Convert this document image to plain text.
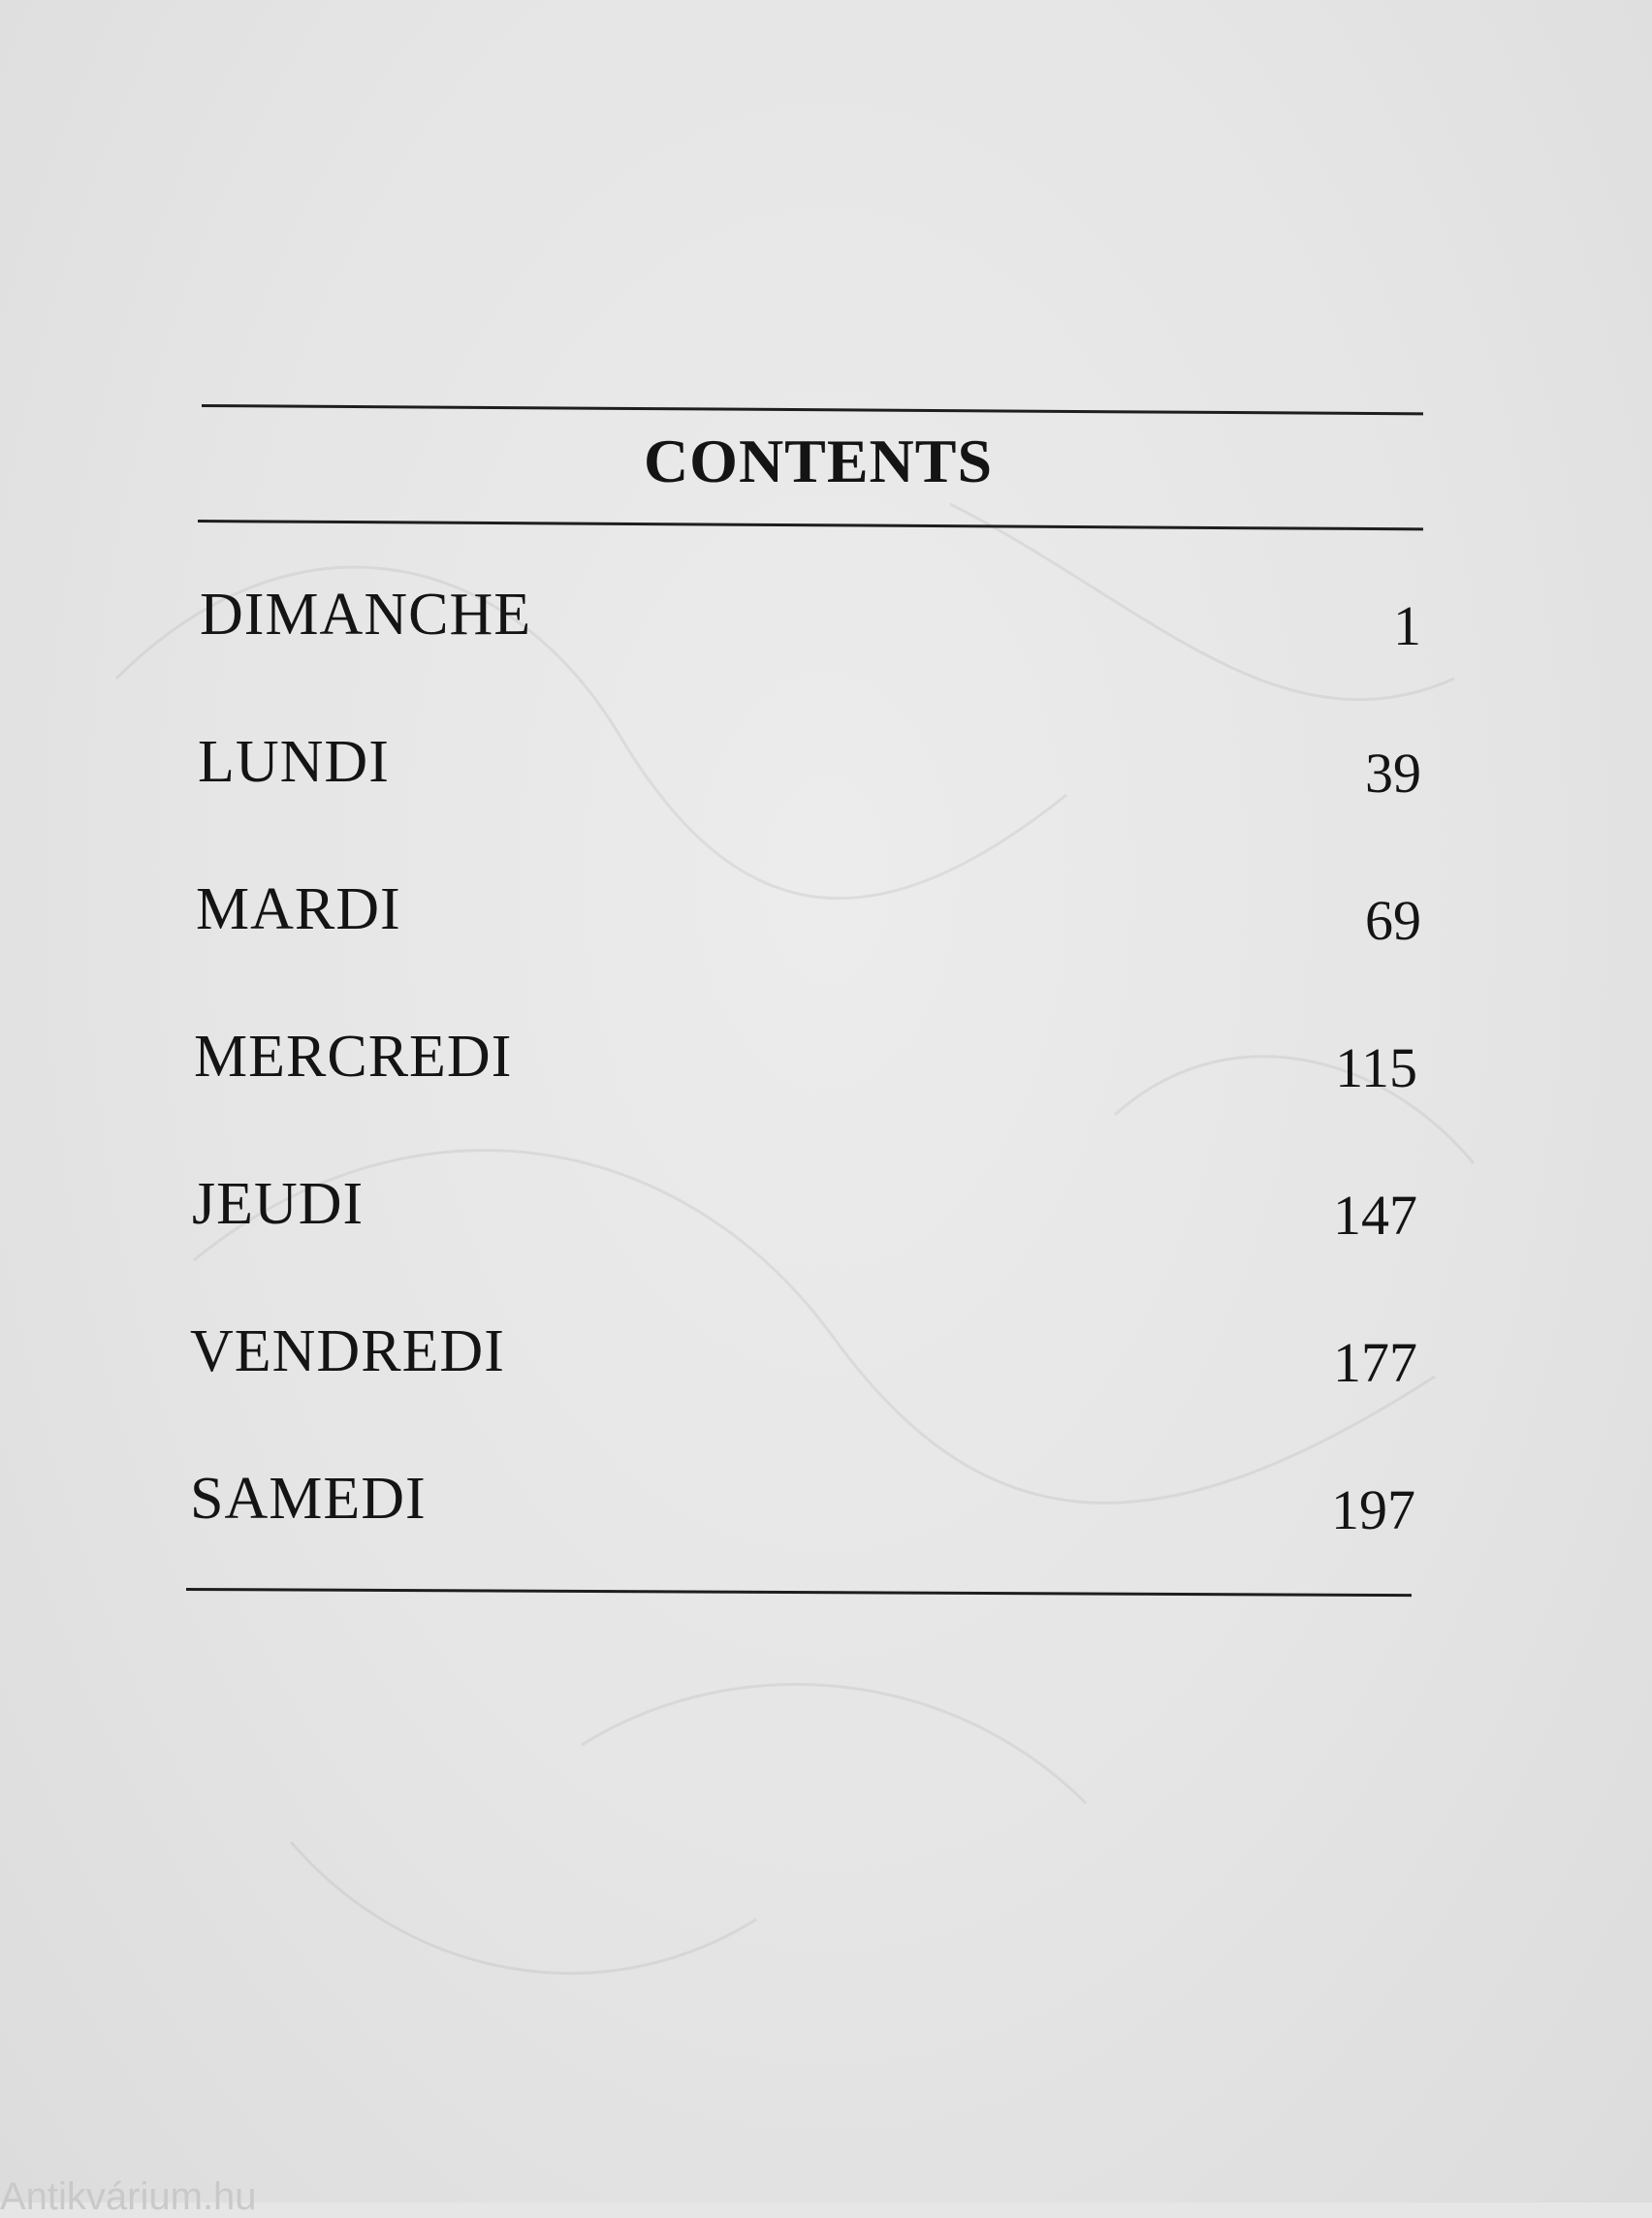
CONTENTS
DIMANCHE	1
LUNDI	39
MARDI	69
MERCREDI	115
JEUDI	147
VENDREDI	177
SAMEDI	197
Antikvárium.hu
